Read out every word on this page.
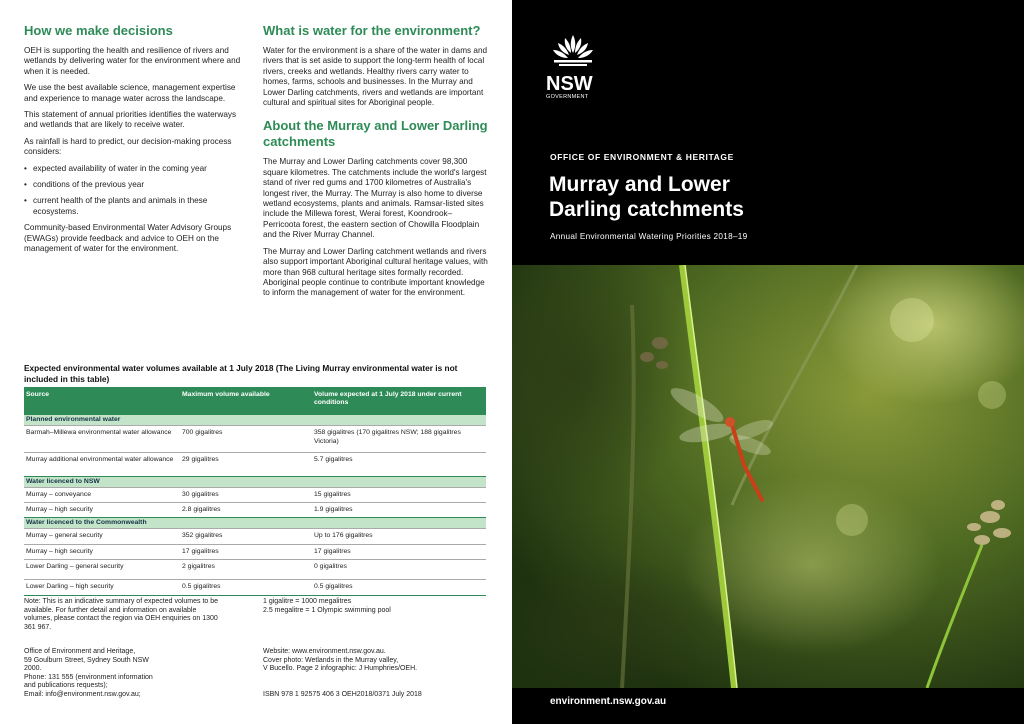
How we make decisions
OEH is supporting the health and resilience of rivers and wetlands by delivering water for the environment where and when it is needed.
We use the best available science, management expertise and experience to manage water across the landscape.
This statement of annual priorities identifies the waterways and wetlands that are likely to receive water.
As rainfall is hard to predict, our decision-making process considers:
• expected availability of water in the coming year
• conditions of the previous year
• current health of the plants and animals in these ecosystems.
Community-based Environmental Water Advisory Groups (EWAGs) provide feedback and advice to OEH on the management of water for the environment.
What is water for the environment?
Water for the environment is a share of the water in dams and rivers that is set aside to support the long-term health of local rivers, creeks and wetlands. Healthy rivers carry water to homes, farms, schools and businesses. In the Murray and Lower Darling catchments, rivers and wetlands are important cultural and spiritual sites for Aboriginal people.
About the Murray and Lower Darling catchments
The Murray and Lower Darling catchments cover 98,300 square kilometres. The catchments include the world's largest stand of river red gums and 1700 kilometres of Australia's longest river, the Murray. The Murray is also home to diverse wetland ecosystems, plants and animals. Ramsar-listed sites include the Millewa forest, Werai forest, Koondrook–Perricoota forest, the eastern section of Chowilla Floodplain and the River Murray Channel.
The Murray and Lower Darling catchment wetlands and rivers also support important Aboriginal cultural heritage values, with more than 968 cultural heritage sites formally recorded. Aboriginal people continue to contribute important knowledge to inform the management of water for the environment.
Expected environmental water volumes available at 1 July 2018 (The Living Murray environmental water is not included in this table)
Source	Maximum volume available	Volume expected at 1 July 2018 under current conditions
Planned environmental water
Barmah–Millewa environmental water allowance	700 gigalitres	358 gigalitres (170 gigalitres NSW; 188 gigalitres Victoria)
Murray additional environmental water allowance	29 gigalitres	5.7 gigalitres
Water licenced to NSW
Murray – conveyance	30 gigalitres	15 gigalitres
Murray – high security	2.8 gigalitres	1.9 gigalitres
Water licenced to the Commonwealth
Murray – general security	352 gigalitres	Up to 176 gigalitres
Murray – high security	17 gigalitres	17 gigalitres
Lower Darling – general security	2 gigalitres	0 gigalitres
Lower Darling – high security	0.5 gigalitres	0.5 gigalitres
Note: This is an indicative summary of expected volumes to be available. For further detail and information on available volumes, please contact the region via OEH enquiries on 1300 361 967.
1 gigalitre = 1000 megalitres
2.5 megalitre = 1 Olympic swimming pool
Office of Environment and Heritage,
59 Goulburn Street, Sydney South NSW 2000.
Phone: 131 555 (environment information and publications requests);
Email: info@environment.nsw.gov.au;
Website: www.environment.nsw.gov.au.
Cover photo: Wetlands in the Murray valley,
V Bucello. Page 2 infographic: J Humphries/OEH.
ISBN 978 1 92575 406 3 OEH2018/0371 July 2018
NSW
GOVERNMENT
OFFICE OF ENVIRONMENT & HERITAGE
Murray and Lower
Darling catchments
Annual Environmental Watering Priorities 2018–19
environment.nsw.gov.au
